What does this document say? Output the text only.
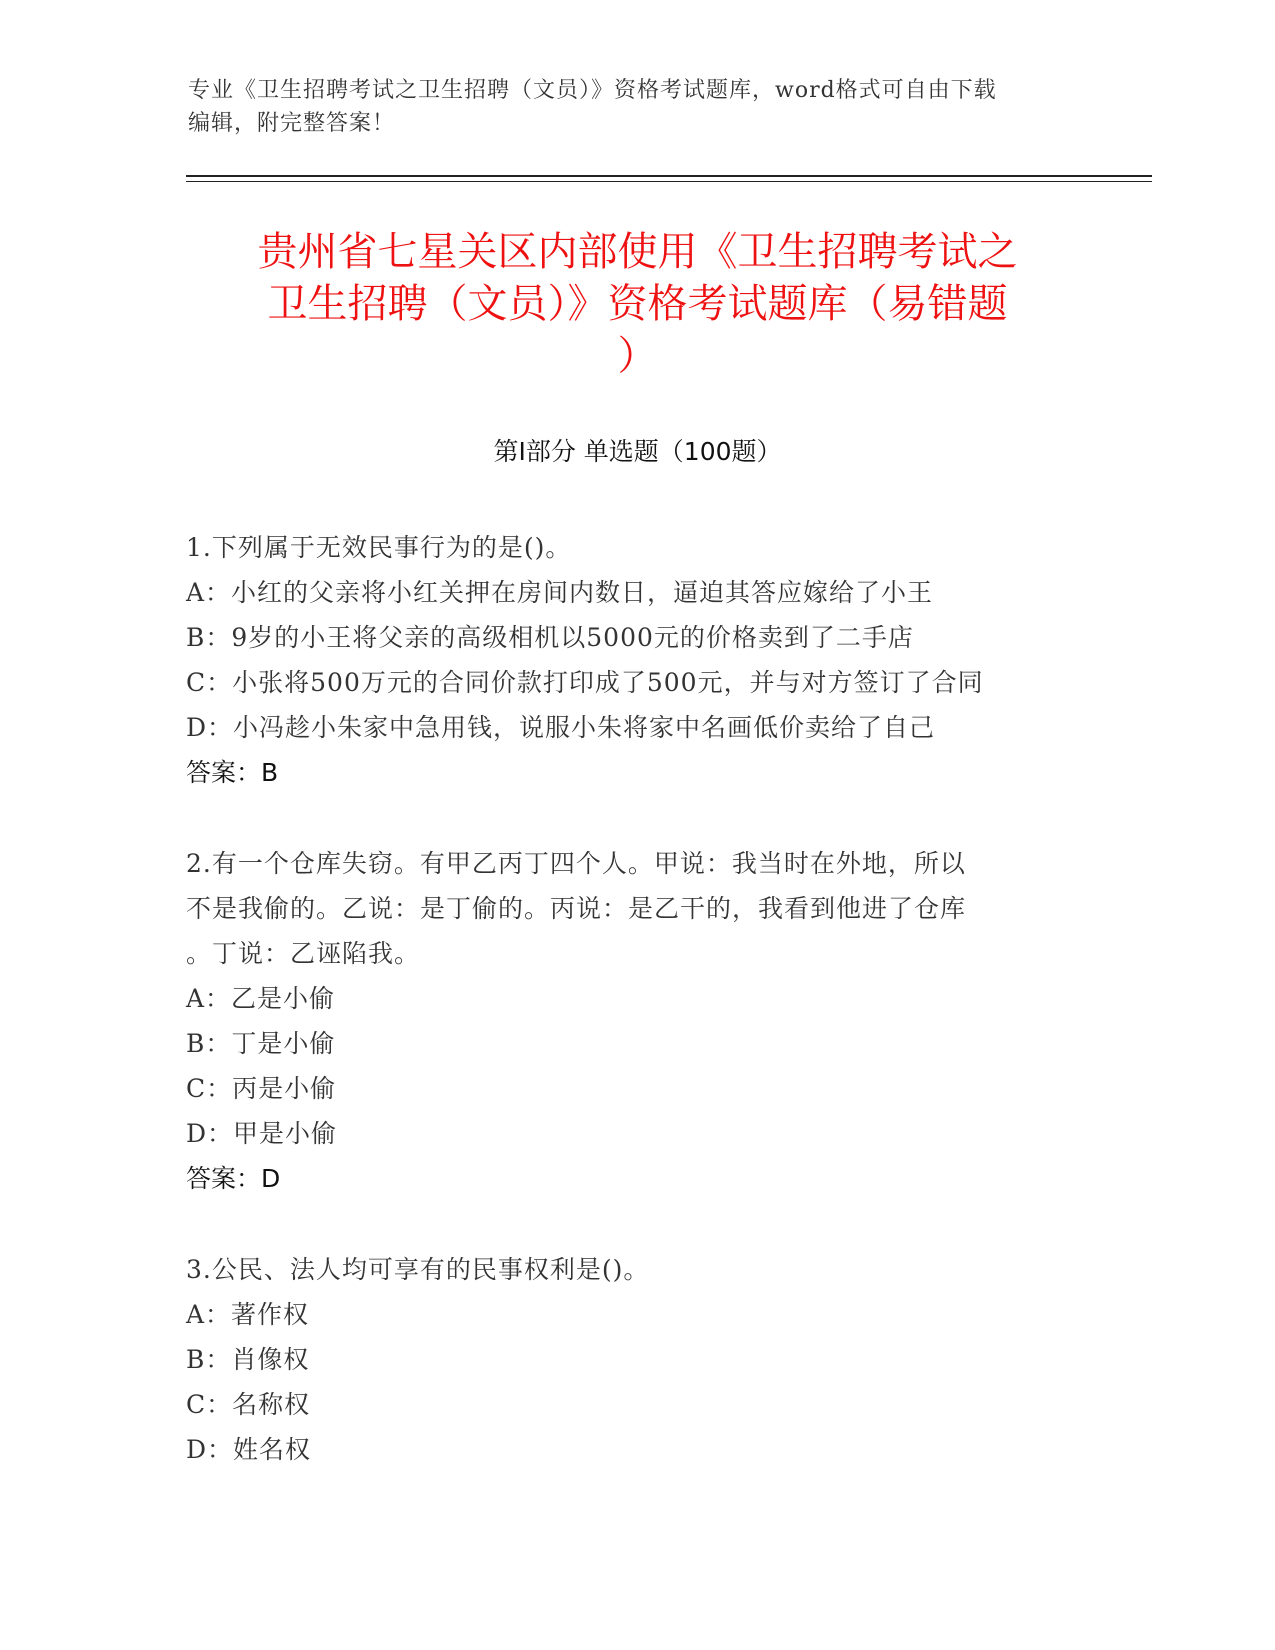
专业《卫生招聘考试之卫生招聘（文员）》资格考试题库，word格式可自由下载
编辑，附完整答案！
贵州省七星关区内部使用《卫生招聘考试之
卫生招聘（文员）》资格考试题库（易错题
）
第Ⅰ部分 单选题（100题）
1.下列属于无效民事行为的是()。
A：小红的父亲将小红关押在房间内数日，逼迫其答应嫁给了小王
B：9岁的小王将父亲的高级相机以5000元的价格卖到了二手店
C：小张将500万元的合同价款打印成了500元，并与对方签订了合同
D：小冯趁小朱家中急用钱，说服小朱将家中名画低价卖给了自己
答案：B
2.有一个仓库失窃。有甲乙丙丁四个人。甲说：我当时在外地，所以
不是我偷的。乙说：是丁偷的。丙说：是乙干的，我看到他进了仓库
。丁说：乙诬陷我。
A：乙是小偷
B：丁是小偷
C：丙是小偷
D：甲是小偷
答案：D
3.公民、法人均可享有的民事权利是()。
A：著作权
B：肖像权
C：名称权
D：姓名权
